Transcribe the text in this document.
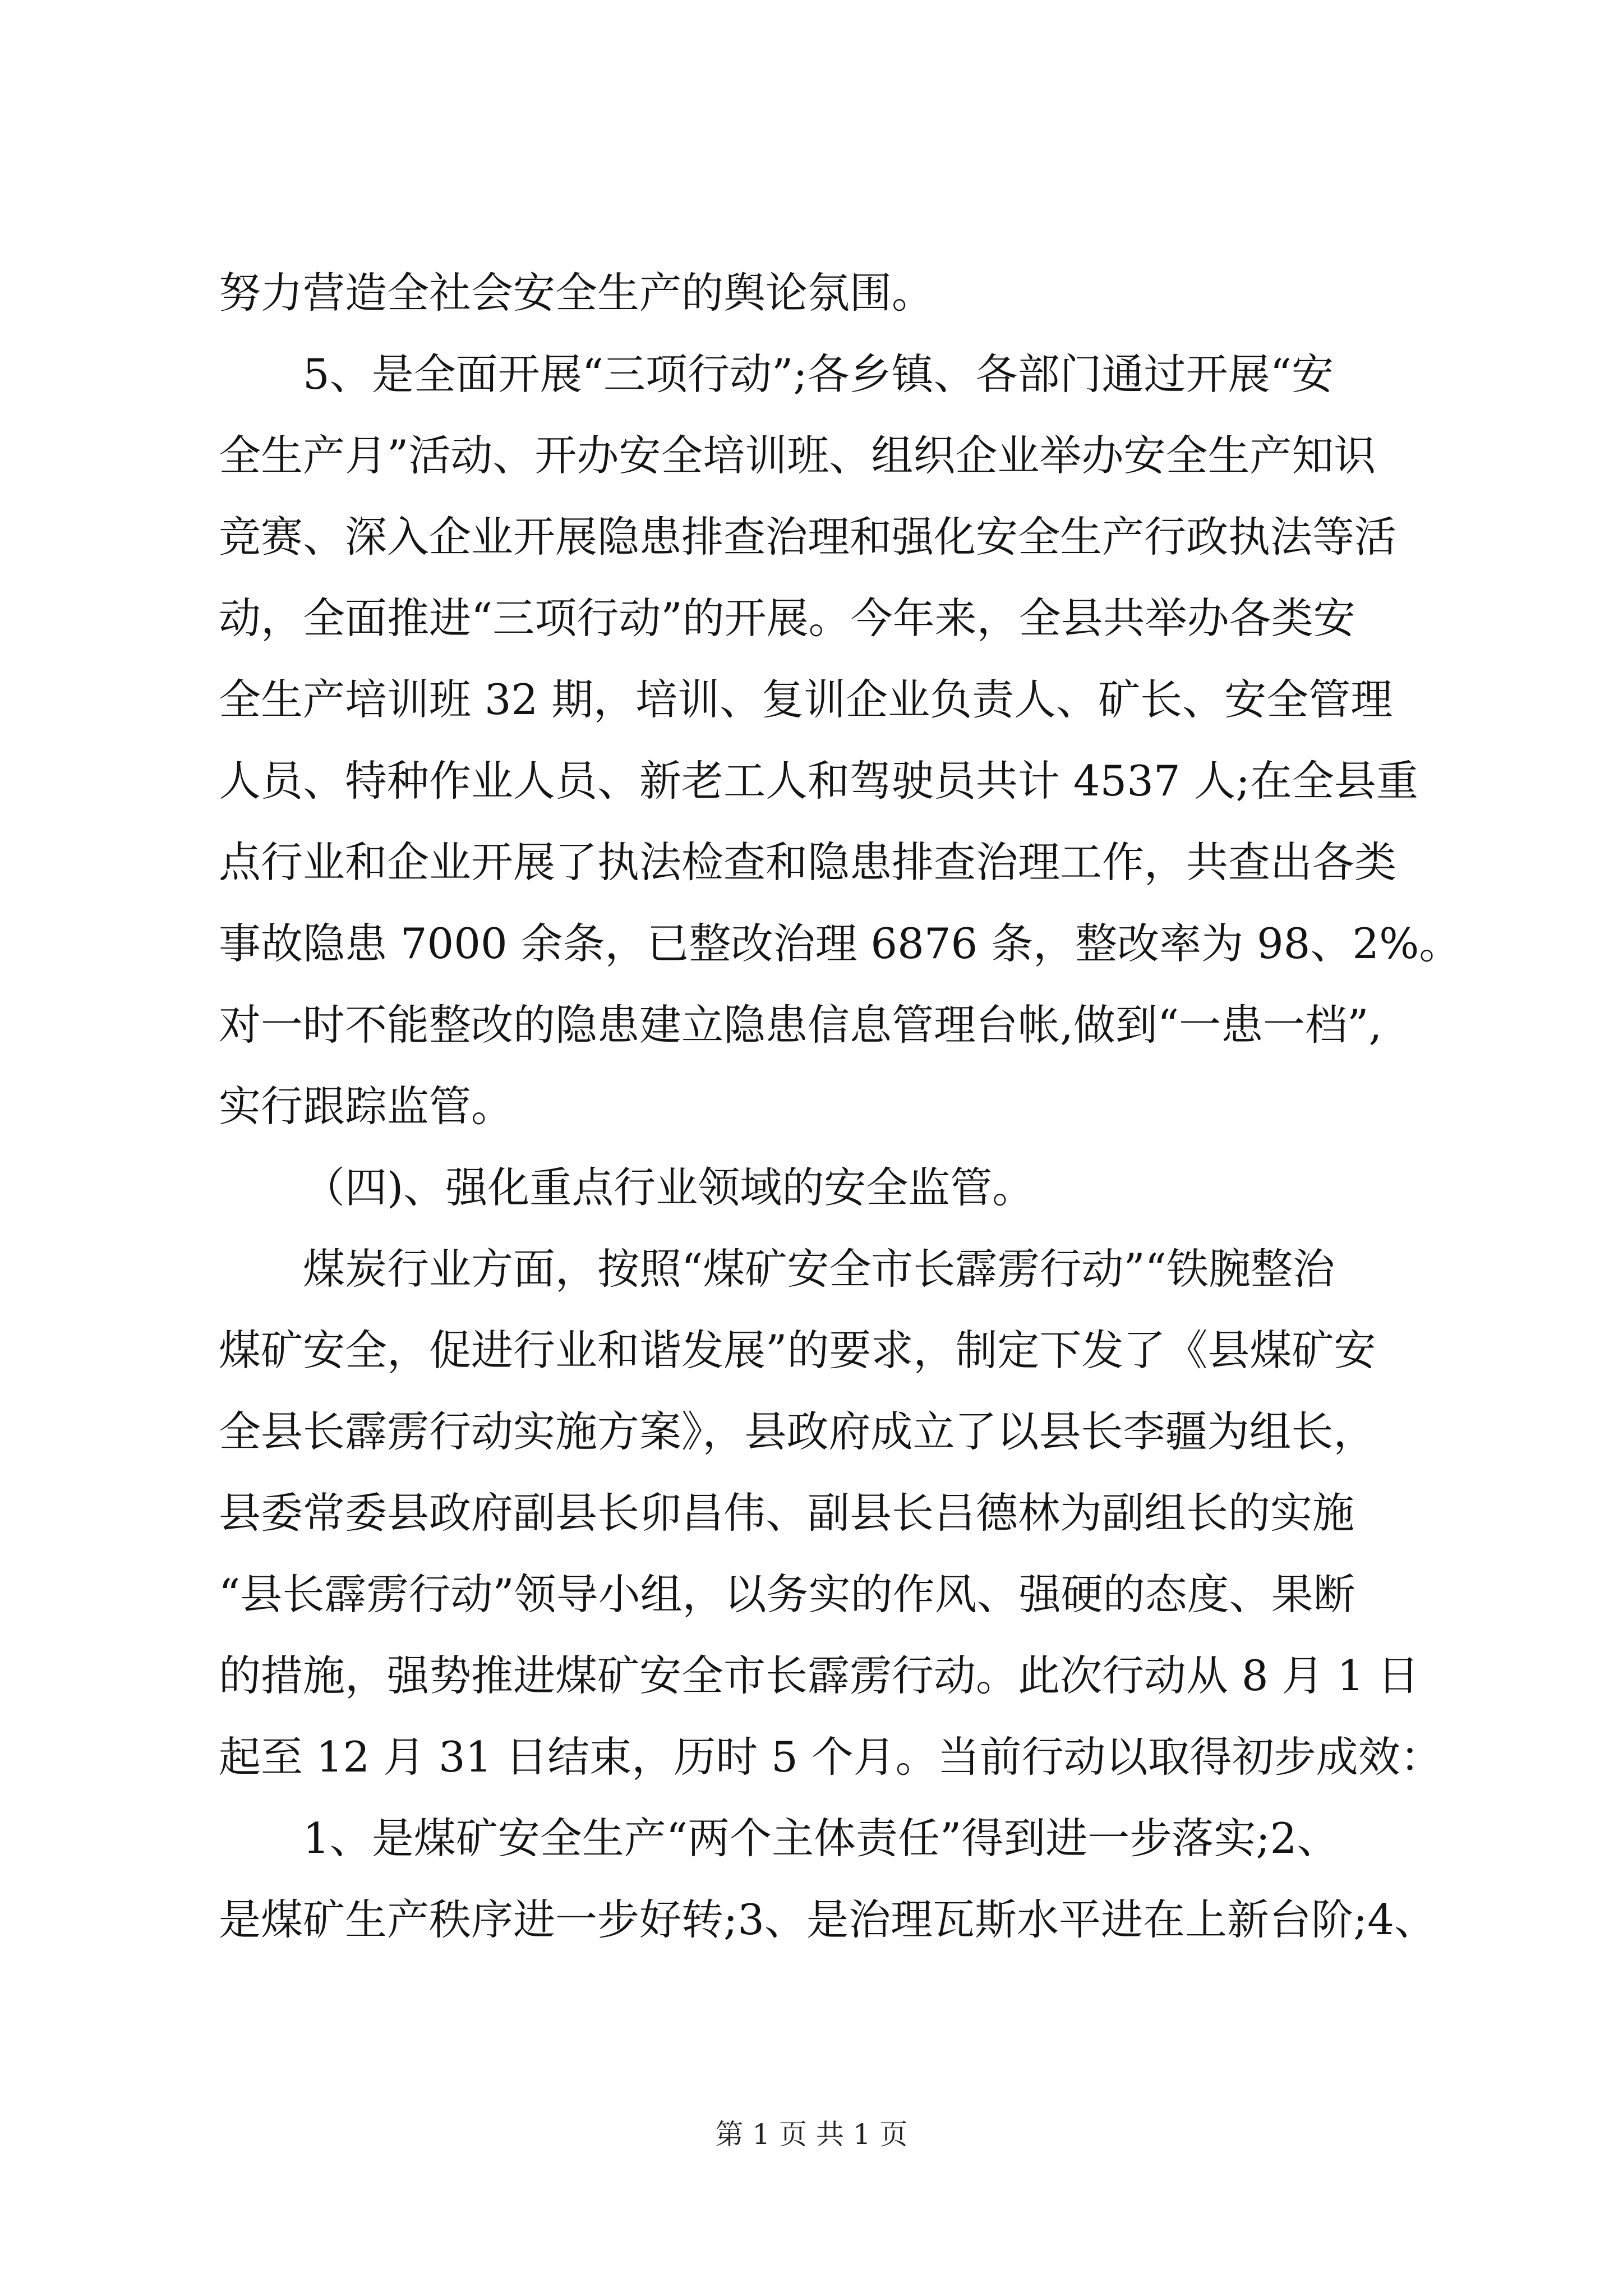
努力营造全社会安全生产的舆论氛围。
5、是全面开展“三项行动”;各乡镇、各部门通过开展“安
全生产月”活动、开办安全培训班、组织企业举办安全生产知识
竞赛、深入企业开展隐患排查治理和强化安全生产行政执法等活
动，全面推进“三项行动”的开展。今年来，全县共举办各类安
全生产培训班 32 期，培训、复训企业负责人、矿长、安全管理
人员、特种作业人员、新老工人和驾驶员共计 4537 人;在全县重
点行业和企业开展了执法检查和隐患排查治理工作，共查出各类
事故隐患 7000 余条，已整改治理 6876 条，整改率为 98、2%。
对一时不能整改的隐患建立隐患信息管理台帐,做到“一患一档”,
实行跟踪监管。
（四)、强化重点行业领域的安全监管。
煤炭行业方面，按照“煤矿安全市长霹雳行动”“铁腕整治
煤矿安全，促进行业和谐发展”的要求，制定下发了《县煤矿安
全县长霹雳行动实施方案》，县政府成立了以县长李疆为组长，
县委常委县政府副县长卯昌伟、副县长吕德林为副组长的实施
“县长霹雳行动”领导小组，以务实的作风、强硬的态度、果断
的措施，强势推进煤矿安全市长霹雳行动。此次行动从 8 月 1 日
起至 12 月 31 日结束，历时 5 个月。当前行动以取得初步成效：
1、是煤矿安全生产“两个主体责任”得到进一步落实;2、
是煤矿生产秩序进一步好转;3、是治理瓦斯水平进在上新台阶;4、
第 1 页 共 1 页
